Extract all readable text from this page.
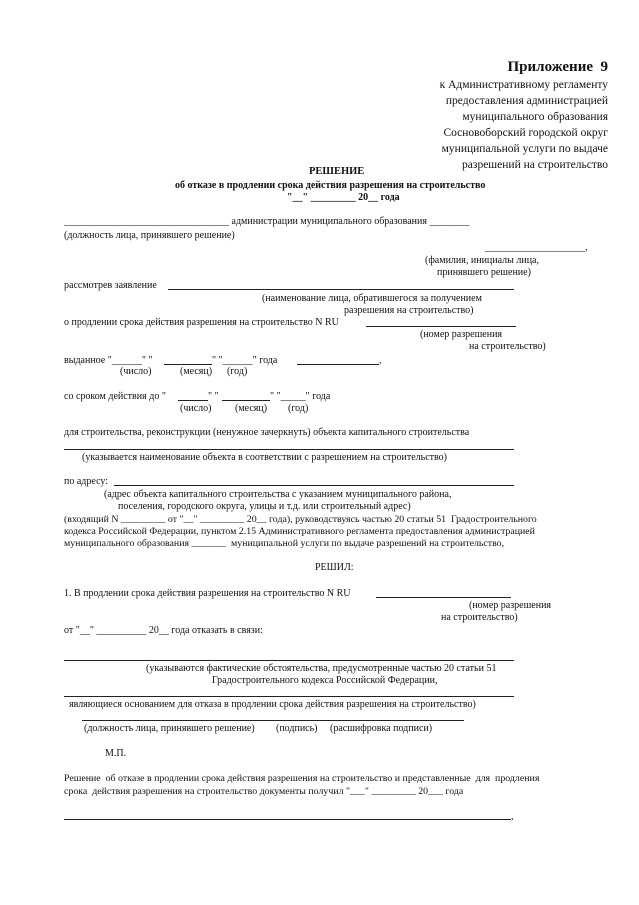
Приложение  9
к Административному регламенту
предоставления администрацией
муниципального образования
Сосновоборский городской округ
муниципальной услуги по выдаче
разрешений на строительство
РЕШЕНИЕ
об отказе в продлении срока действия разрешения на строительство
"__" _________ 20__ года
_________________________________ администрации муниципального образования ________
(должность лица, принявшего решение)
____________________,
(фамилия, инициалы лица,
принявшего решение)
рассмотрев заявление
(наименование лица, обратившегося за получением
разрешения на строительство)
о продлении срока действия разрешения на строительство N RU
(номер разрешения
на строительство)
выданное "______" "	" "______" года	,
(число)	(месяц) (год)
со сроком действия до "	" "	" "_____" года
(число) (месяц) (год)
для строительства, реконструкции (ненужное зачеркнуть) объекта капитального строительства
(указывается наименование объекта в соответствии с разрешением на строительство)
по адресу:
(адрес объекта капитального строительства с указанием муниципального района,
поселения, городского округа, улицы и т.д. или строительный адрес)
(входящий N _________ от "__" _________ 20__ года), руководствуясь частью 20 статьи 51  Градостроительного
кодекса Российской Федерации, пунктом 2.15 Административного регламента предоставления администрацией
муниципального образования _______  муниципальной услуги по выдаче разрешений на строительство,
РЕШИЛ:
1. В продлении срока действия разрешения на строительство N RU
(номер разрешения
на строительство)
от "__" __________ 20__ года отказать в связи:
(указываются фактические обстоятельства, предусмотренные частью 20 статьи 51
Градостроительного кодекса Российской Федерации,
являющиеся основанием для отказа в продлении срока действия разрешения на строительство)
(должность лица, принявшего решение) (подпись) (расшифровка подписи)
М.П.
Решение  об отказе в продлении срока действия разрешения на строительство и представленные  для  продления
срока  действия разрешения на строительство документы получил "___" _________ 20___ года
,
